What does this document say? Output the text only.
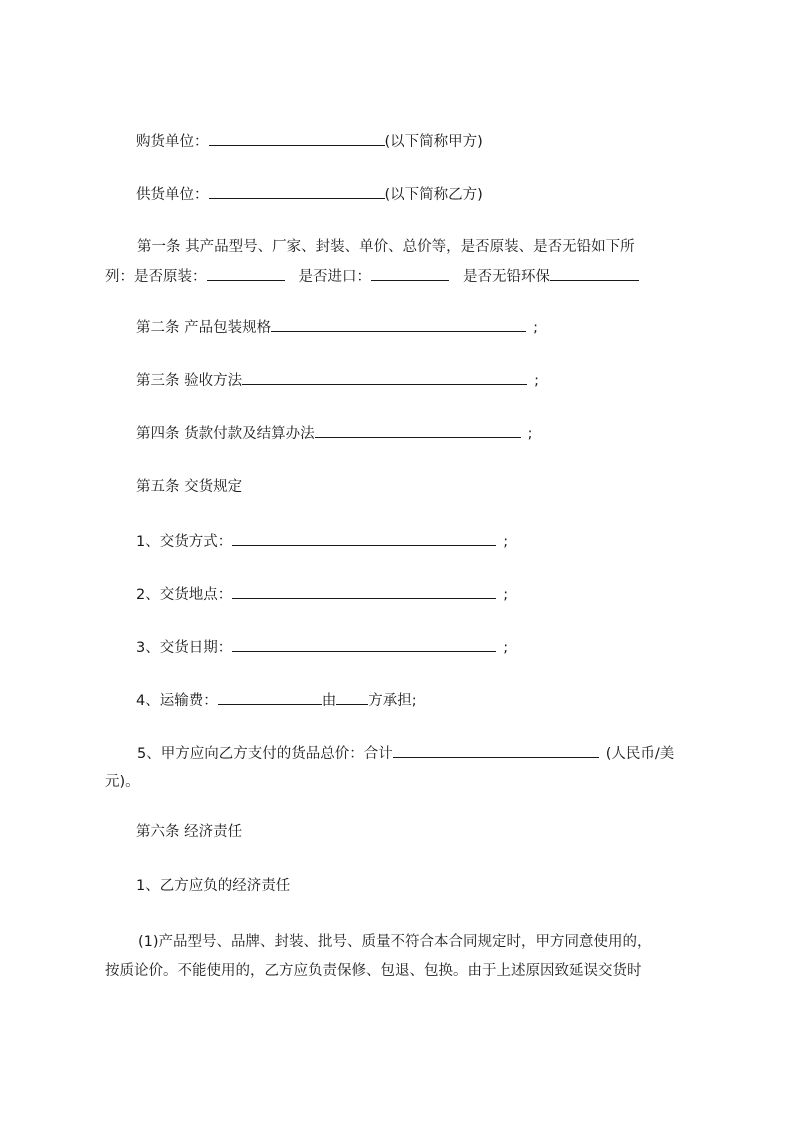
购货单位：	(以下简称甲方)
供货单位：	(以下简称乙方)
第一条 其产品型号、厂家、封装、单价、总价等，是否原装、是否无铅如下所
列：是否原装：	是否进口：	是否无铅环保
第二条 产品包装规格	;
第三条 验收方法	;
第四条 货款付款及结算办法	;
第五条 交货规定
1、交货方式：	;
2、交货地点：	;
3、交货日期：	;
4、运输费：	由 方承担;
5、甲方应向乙方支付的货品总价：合计	(人民币/美
元)。
第六条 经济责任
1、乙方应负的经济责任
(1)产品型号、品牌、封装、批号、质量不符合本合同规定时，甲方同意使用的，
按质论价。不能使用的，乙方应负责保修、包退、包换。由于上述原因致延误交货时
